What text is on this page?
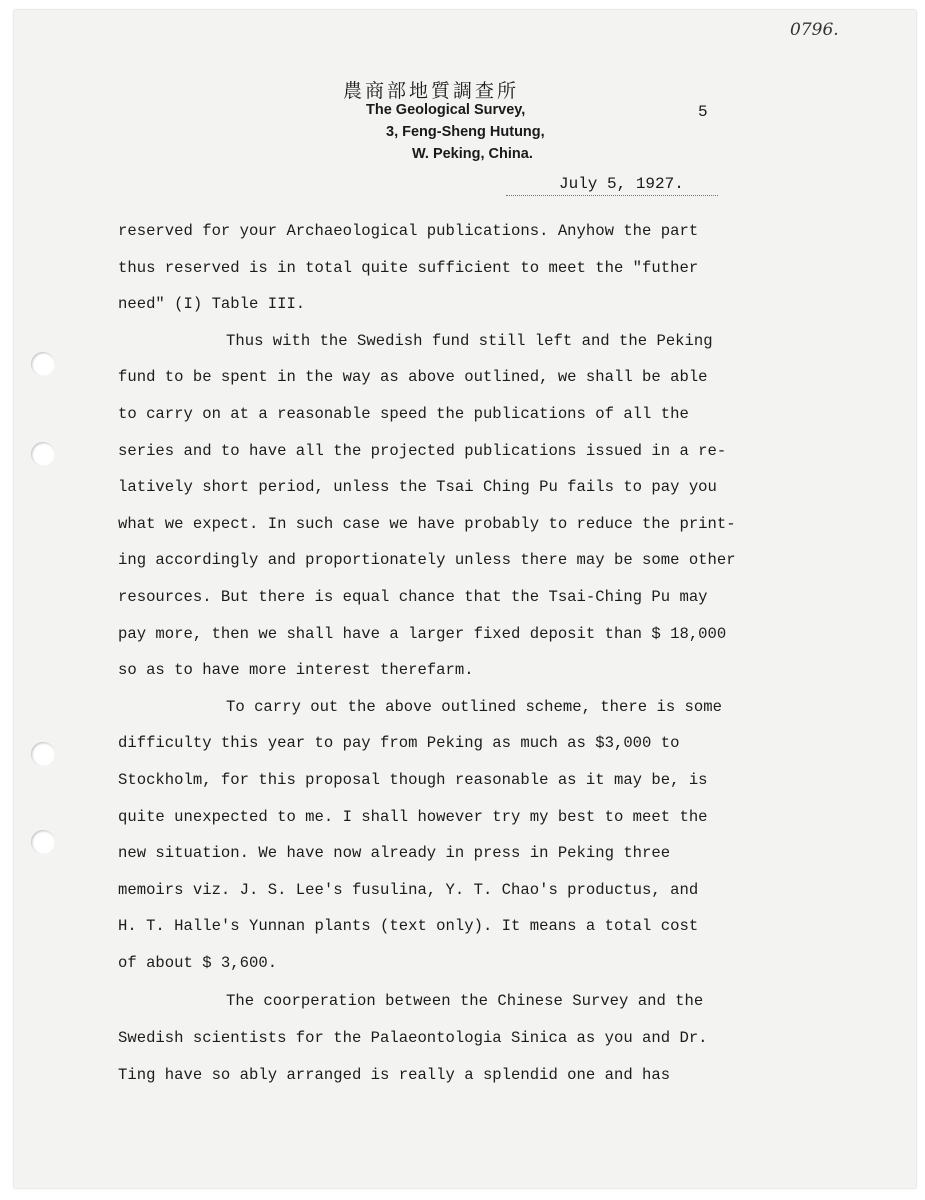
0796.
農商部地質調查所
The Geological Survey,
3, Feng-Sheng Hutung,
W. Peking, China.
5
July 5, 1927.
reserved for your Archaeological publications. Anyhow the part
thus reserved is in total quite sufficient to meet the "futher
need" (I) Table III.
Thus with the Swedish fund still left and the Peking
fund to be spent in the way as above outlined, we shall be able
to carry on at a reasonable speed the publications of all the
series and to have all the projected publications issued in a re-
latively short period, unless the Tsai Ching Pu fails to pay you
what we expect. In such case we have probably to reduce the print-
ing accordingly and proportionately unless there may be some other
resources. But there is equal chance that the Tsai-Ching Pu may
pay more, then we shall have a larger fixed deposit than $ 18,000
so as to have more interest therefarm.
To carry out the above outlined scheme, there is some
difficulty this year to pay from Peking as much as $3,000 to
Stockholm, for this proposal though reasonable as it may be, is
quite unexpected to me. I shall however try my best to meet the
new situation. We have now already in press in Peking three
memoirs viz. J. S. Lee's fusulina, Y. T. Chao's productus, and
H. T. Halle's Yunnan plants (text only). It means a total cost
of about $ 3,600.
The coorperation between the Chinese Survey and the
Swedish scientists for the Palaeontologia Sinica as you and Dr.
Ting have so ably arranged is really a splendid one and has
